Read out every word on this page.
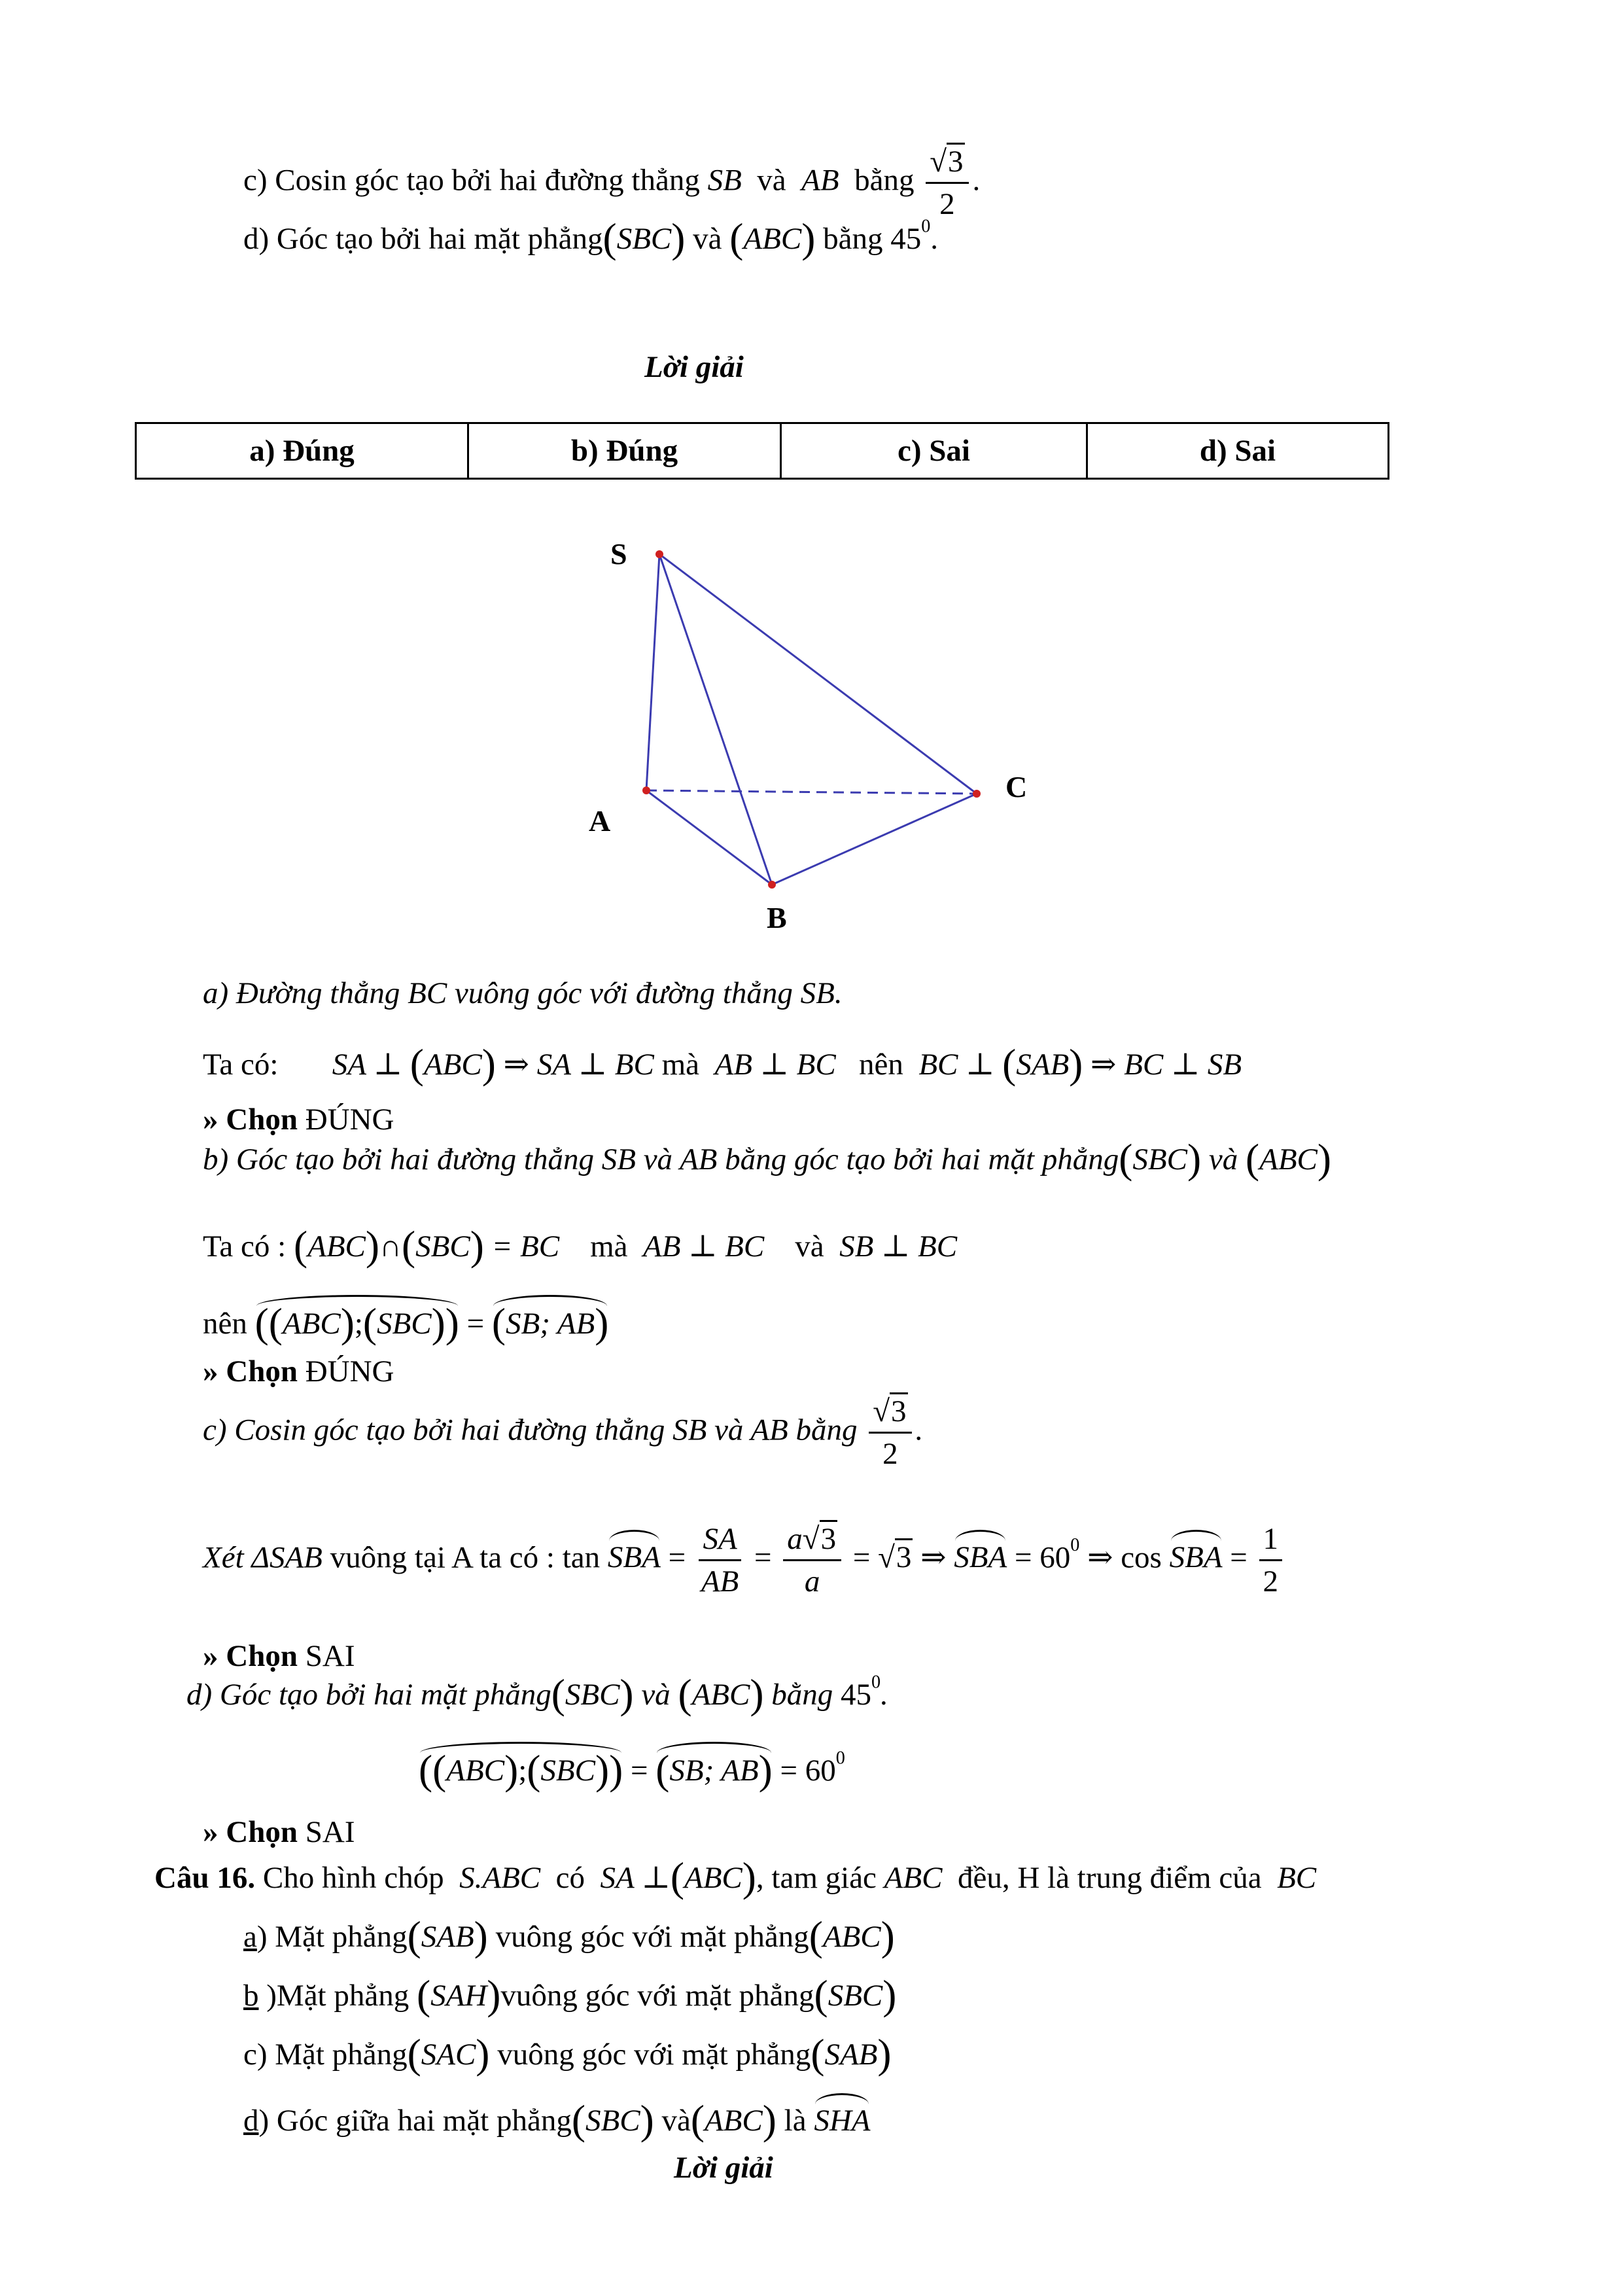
c) Cosin góc tạo bởi hai đường thẳng SB và AB bằng $\frac{√3}{2}$ .
d) Góc tạo bởi hai mặt phẳng(SBC) và (ABC) bằng $45^0$.
Lời giải
a) Đúng	b) Đúng	c) Sai	d) Sai
S
A
B
C
a) Đường thẳng BC vuông góc với đường thẳng SB.
Ta có: SA ⊥ (ABC) ⇒ SA ⊥ BC mà AB ⊥ BC nên BC ⊥ (SAB) ⇒ BC ⊥ SB
» Chọn ĐÚNG
b) Góc tạo bởi hai đường thẳng SB và AB bằng góc tạo bởi hai mặt phẳng(SBC) và (ABC)
Ta có : (ABC)∩(SBC) = BC mà AB ⊥ BC và SB ⊥ BC
nên ((ABC);(SBC)) = (SB; AB)
» Chọn ĐÚNG
c) Cosin góc tạo bởi hai đường thẳng SB và AB bằng $\frac{√3}{2}$ .
Xét ΔSAB vuông tại A ta có : tan SBA = $\frac{SA}{AB} = \frac{a√3}{a} = √3$ ⇒ SBA = $60^0$ ⇒ cos SBA = $\frac{1}{2}$
» Chọn SAI
d) Góc tạo bởi hai mặt phẳng(SBC) và (ABC) bằng $45^0$.
((ABC);(SBC)) = (SB; $AB) = 60^0$
» Chọn SAI
Câu 16. Cho hình chóp S.ABC có SA ⊥(ABC), tam giác ABC đều, H là trung điểm của BC
a) Mặt phẳng(SAB) vuông góc với mặt phẳng(ABC)
b )Mặt phẳng (SAH)vuông góc với mặt phẳng(SBC)
c) Mặt phẳng(SAC) vuông góc với mặt phẳng(SAB)
d) Góc giữa hai mặt phẳng(SBC) và(ABC) là SHA
Lời giải
